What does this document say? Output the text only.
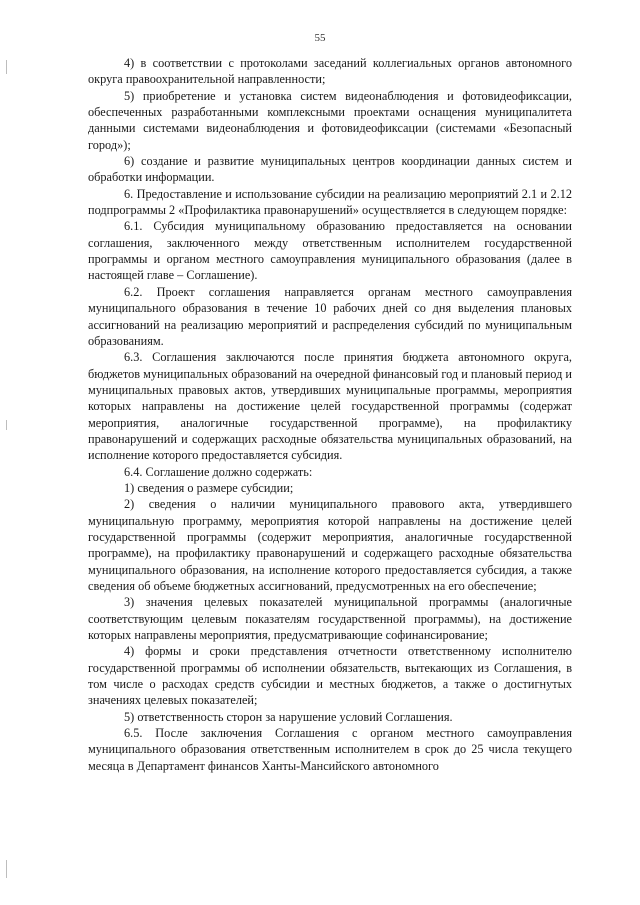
55

4) в соответствии с протоколами заседаний коллегиальных органов автономного округа правоохранительной направленности;

5) приобретение и установка систем видеонаблюдения и фотовидеофиксации, обеспеченных разработанными комплексными проектами оснащения муниципалитета данными системами видеонаблюдения и фотовидеофиксации (системами «Безопасный город»);

6) создание и развитие муниципальных центров координации данных систем и обработки информации.

6. Предоставление и использование субсидии на реализацию мероприятий 2.1 и 2.12 подпрограммы 2 «Профилактика правонарушений» осуществляется в следующем порядке:

6.1. Субсидия муниципальному образованию предоставляется на основании соглашения, заключенного между ответственным исполнителем государственной программы и органом местного самоуправления муниципального образования (далее в настоящей главе – Соглашение).

6.2. Проект соглашения направляется органам местного самоуправления муниципального образования в течение 10 рабочих дней со дня выделения плановых ассигнований на реализацию мероприятий и распределения субсидий по муниципальным образованиям.

6.3. Соглашения заключаются после принятия бюджета автономного округа, бюджетов муниципальных образований на очередной финансовый год и плановый период и муниципальных правовых актов, утвердивших муниципальные программы, мероприятия которых направлены на достижение целей государственной программы (содержат мероприятия, аналогичные государственной программе), на профилактику правонарушений и содержащих расходные обязательства муниципальных образований, на исполнение которого предоставляется субсидия.

6.4. Соглашение должно содержать:

1) сведения о размере субсидии;

2) сведения о наличии муниципального правового акта, утвердившего муниципальную программу, мероприятия которой направлены на достижение целей государственной программы (содержит мероприятия, аналогичные государственной программе), на профилактику правонарушений и содержащего расходные обязательства муниципального образования, на исполнение которого предоставляется субсидия, а также сведения об объеме бюджетных ассигнований, предусмотренных на его обеспечение;

3) значения целевых показателей муниципальной программы (аналогичные соответствующим целевым показателям государственной программы), на достижение которых направлены мероприятия, предусматривающие софинансирование;

4) формы и сроки представления отчетности ответственному исполнителю государственной программы об исполнении обязательств, вытекающих из Соглашения, в том числе о расходах средств субсидии и местных бюджетов, а также о достигнутых значениях целевых показателей;

5) ответственность сторон за нарушение условий Соглашения.

6.5. После заключения Соглашения с органом местного самоуправления муниципального образования ответственным исполнителем в срок до 25 числа текущего месяца в Департамент финансов Ханты-Мансийского автономного
